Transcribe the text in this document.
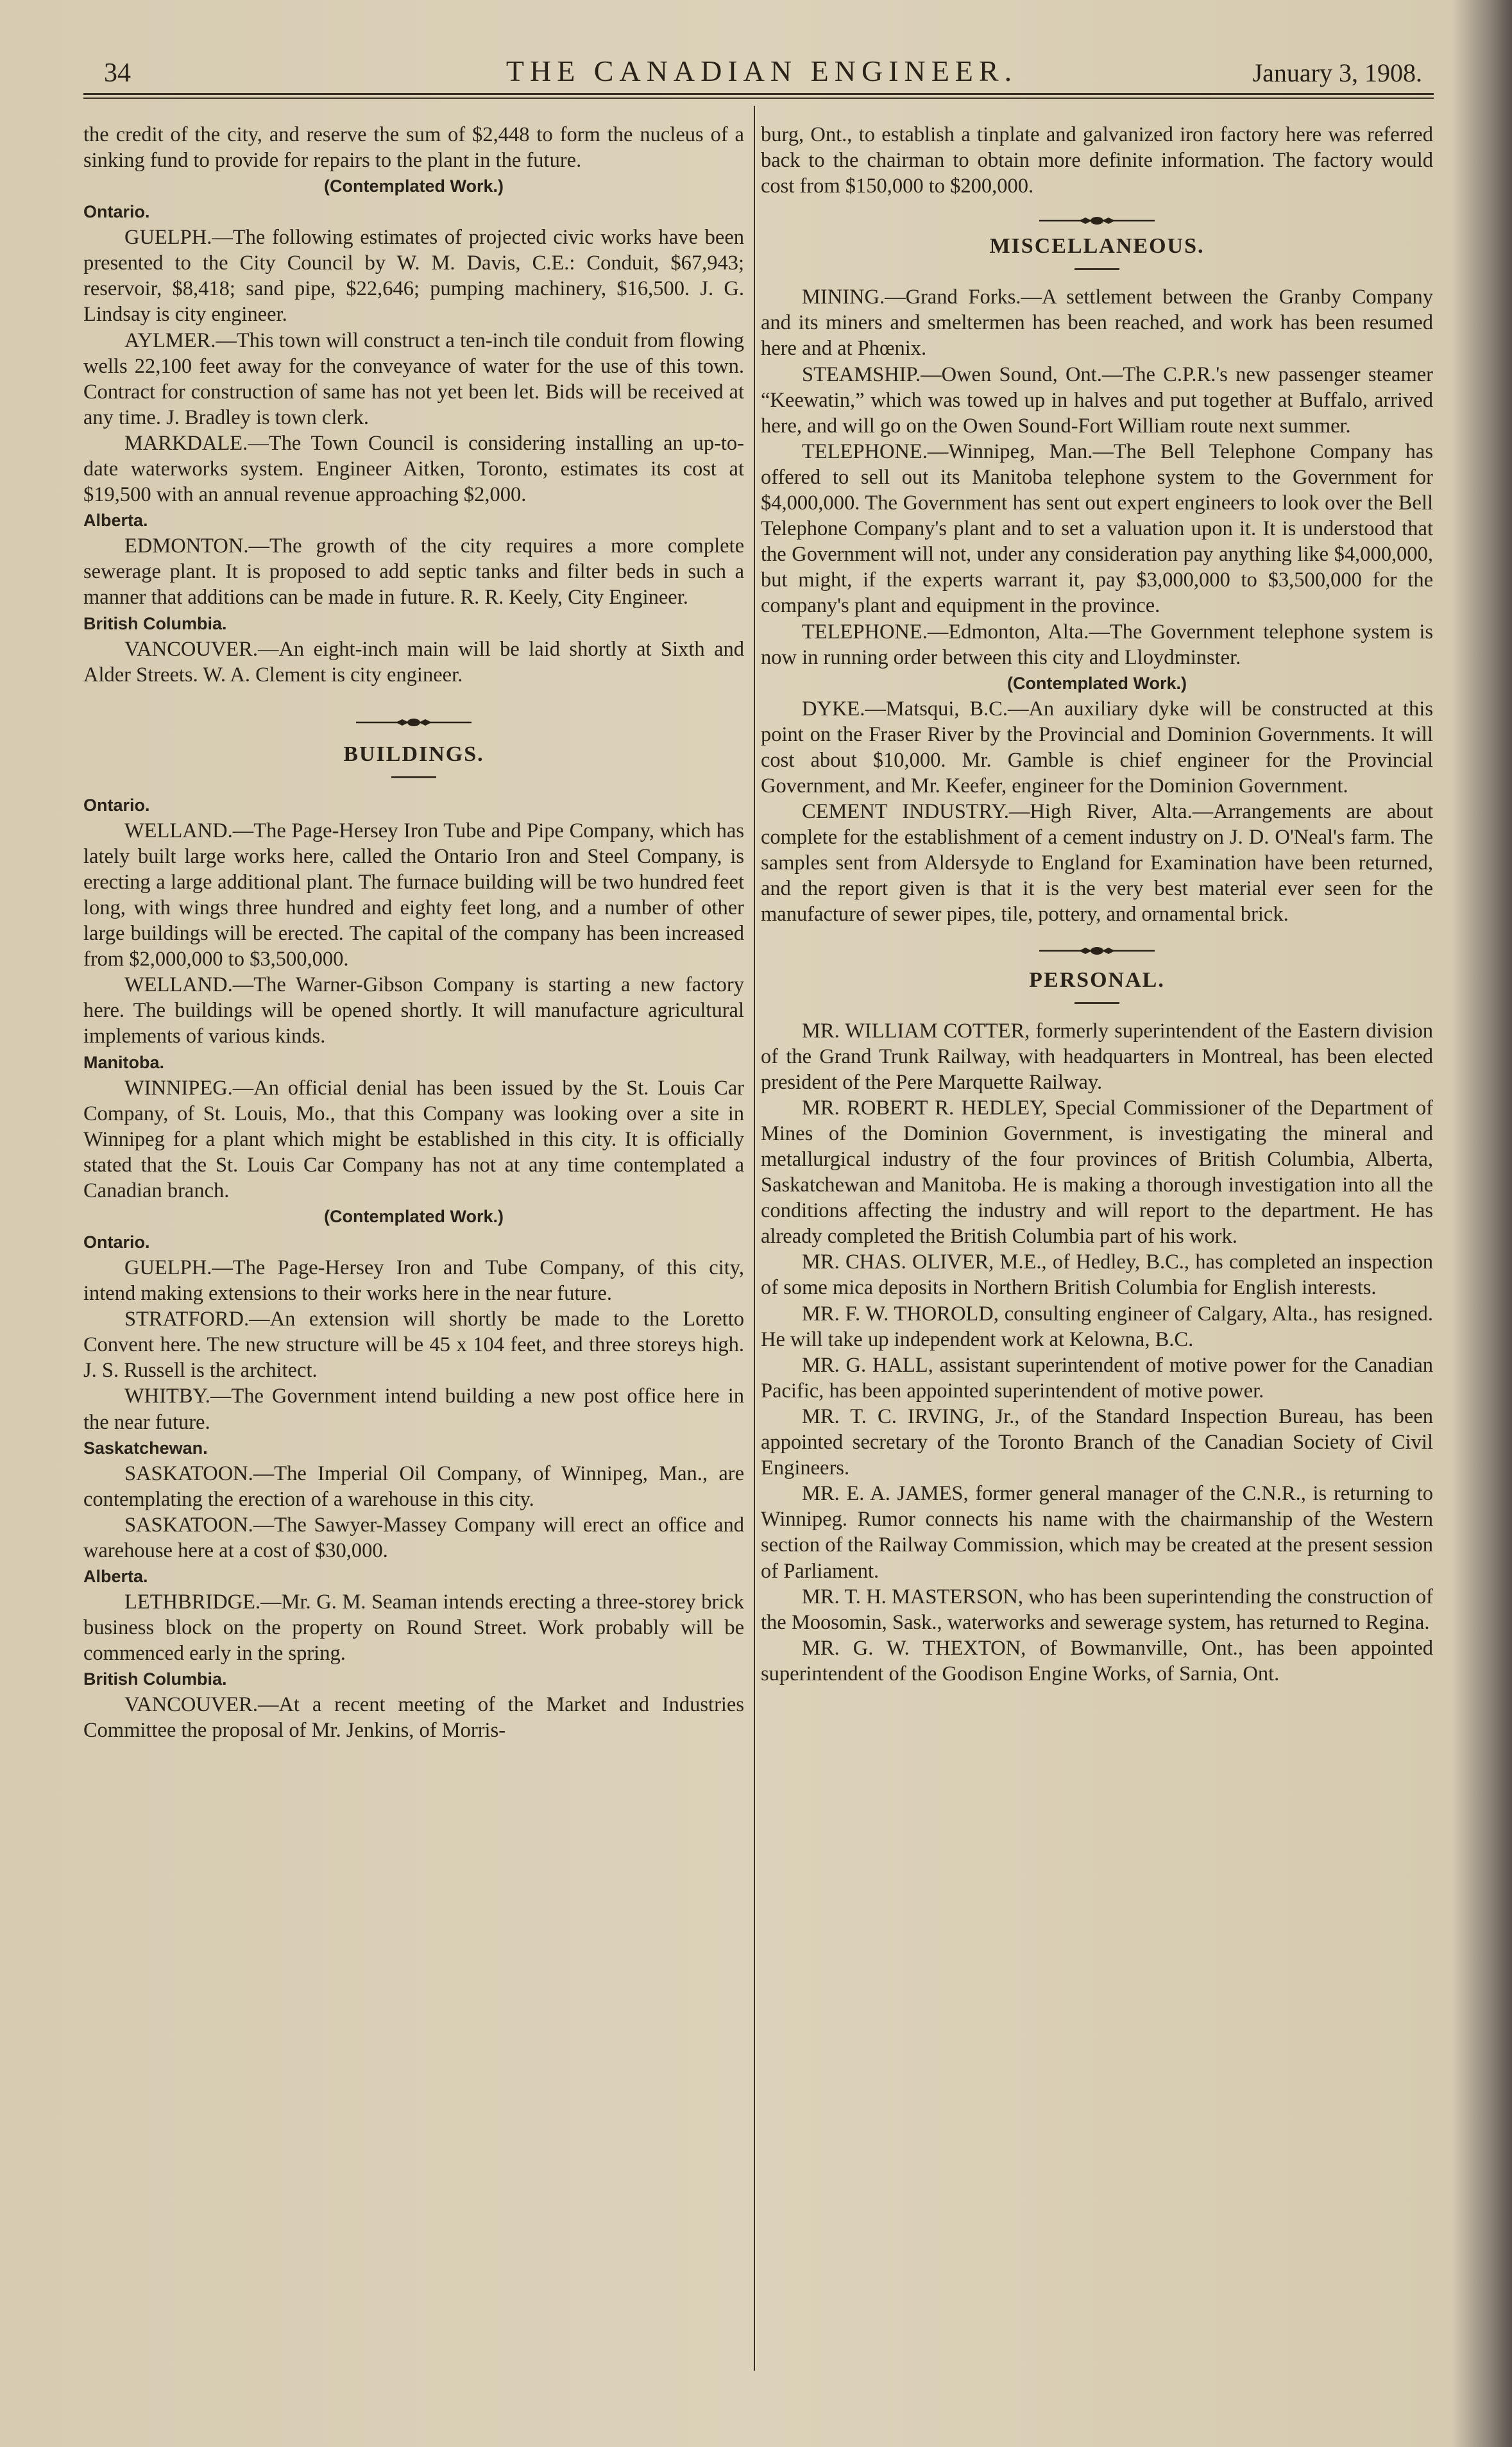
34	THE CANADIAN ENGINEER.	January 3, 1908.

the credit of the city, and reserve the sum of $2,448 to form the nucleus of a sinking fund to provide for repairs to the plant in the future.

(Contemplated Work.)

Ontario.

GUELPH.—The following estimates of projected civic works have been presented to the City Council by W. M. Davis, C.E.: Conduit, $67,943; reservoir, $8,418; sand pipe, $22,646; pumping machinery, $16,500. J. G. Lindsay is city engineer.

AYLMER.—This town will construct a ten-inch tile conduit from flowing wells 22,100 feet away for the conveyance of water for the use of this town. Contract for construction of same has not yet been let. Bids will be received at any time. J. Bradley is town clerk.

MARKDALE.—The Town Council is considering installing an up-to-date waterworks system. Engineer Aitken, Toronto, estimates its cost at $19,500 with an annual revenue approaching $2,000.

Alberta.

EDMONTON.—The growth of the city requires a more complete sewerage plant. It is proposed to add septic tanks and filter beds in such a manner that additions can be made in future. R. R. Keely, City Engineer.

British Columbia.

VANCOUVER.—An eight-inch main will be laid shortly at Sixth and Alder Streets. W. A. Clement is city engineer.

BUILDINGS.

Ontario.

WELLAND.—The Page-Hersey Iron Tube and Pipe Company, which has lately built large works here, called the Ontario Iron and Steel Company, is erecting a large additional plant. The furnace building will be two hundred feet long, with wings three hundred and eighty feet long, and a number of other large buildings will be erected. The capital of the company has been increased from $2,000,000 to $3,500,000.

WELLAND.—The Warner-Gibson Company is starting a new factory here. The buildings will be opened shortly. It will manufacture agricultural implements of various kinds.

Manitoba.

WINNIPEG.—An official denial has been issued by the St. Louis Car Company, of St. Louis, Mo., that this Company was looking over a site in Winnipeg for a plant which might be established in this city. It is officially stated that the St. Louis Car Company has not at any time contemplated a Canadian branch.

(Contemplated Work.)

Ontario.

GUELPH.—The Page-Hersey Iron and Tube Company, of this city, intend making extensions to their works here in the near future.

STRATFORD.—An extension will shortly be made to the Loretto Convent here. The new structure will be 45 x 104 feet, and three storeys high. J. S. Russell is the architect.

WHITBY.—The Government intend building a new post office here in the near future.

Saskatchewan.

SASKATOON.—The Imperial Oil Company, of Winnipeg, Man., are contemplating the erection of a warehouse in this city.

SASKATOON.—The Sawyer-Massey Company will erect an office and warehouse here at a cost of $30,000.

Alberta.

LETHBRIDGE.—Mr. G. M. Seaman intends erecting a three-storey brick business block on the property on Round Street. Work probably will be commenced early in the spring.

British Columbia.

VANCOUVER.—At a recent meeting of the Market and Industries Committee the proposal of Mr. Jenkins, of Morris-

burg, Ont., to establish a tinplate and galvanized iron factory here was referred back to the chairman to obtain more definite information. The factory would cost from $150,000 to $200,000.

MISCELLANEOUS.

MINING.—Grand Forks.—A settlement between the Granby Company and its miners and smeltermen has been reached, and work has been resumed here and at Phœnix.

STEAMSHIP.—Owen Sound, Ont.—The C.P.R.'s new passenger steamer “Keewatin,” which was towed up in halves and put together at Buffalo, arrived here, and will go on the Owen Sound-Fort William route next summer.

TELEPHONE.—Winnipeg, Man.—The Bell Telephone Company has offered to sell out its Manitoba telephone system to the Government for $4,000,000. The Government has sent out expert engineers to look over the Bell Telephone Company's plant and to set a valuation upon it. It is understood that the Government will not, under any consideration pay anything like $4,000,000, but might, if the experts warrant it, pay $3,000,000 to $3,500,000 for the company's plant and equipment in the province.

TELEPHONE.—Edmonton, Alta.—The Government telephone system is now in running order between this city and Lloydminster.

(Contemplated Work.)

DYKE.—Matsqui, B.C.—An auxiliary dyke will be constructed at this point on the Fraser River by the Provincial and Dominion Governments. It will cost about $10,000. Mr. Gamble is chief engineer for the Provincial Government, and Mr. Keefer, engineer for the Dominion Government.

CEMENT INDUSTRY.—High River, Alta.—Arrangements are about complete for the establishment of a cement industry on J. D. O'Neal's farm. The samples sent from Aldersyde to England for Examination have been returned, and the report given is that it is the very best material ever seen for the manufacture of sewer pipes, tile, pottery, and ornamental brick.

PERSONAL.

MR. WILLIAM COTTER, formerly superintendent of the Eastern division of the Grand Trunk Railway, with headquarters in Montreal, has been elected president of the Pere Marquette Railway.

MR. ROBERT R. HEDLEY, Special Commissioner of the Department of Mines of the Dominion Government, is investigating the mineral and metallurgical industry of the four provinces of British Columbia, Alberta, Saskatchewan and Manitoba. He is making a thorough investigation into all the conditions affecting the industry and will report to the department. He has already completed the British Columbia part of his work.

MR. CHAS. OLIVER, M.E., of Hedley, B.C., has completed an inspection of some mica deposits in Northern British Columbia for English interests.

MR. F. W. THOROLD, consulting engineer of Calgary, Alta., has resigned. He will take up independent work at Kelowna, B.C.

MR. G. HALL, assistant superintendent of motive power for the Canadian Pacific, has been appointed superintendent of motive power.

MR. T. C. IRVING, Jr., of the Standard Inspection Bureau, has been appointed secretary of the Toronto Branch of the Canadian Society of Civil Engineers.

MR. E. A. JAMES, former general manager of the C.N.R., is returning to Winnipeg. Rumor connects his name with the chairmanship of the Western section of the Railway Commission, which may be created at the present session of Parliament.

MR. T. H. MASTERSON, who has been superintending the construction of the Moosomin, Sask., waterworks and sewerage system, has returned to Regina.

MR. G. W. THEXTON, of Bowmanville, Ont., has been appointed superintendent of the Goodison Engine Works, of Sarnia, Ont.
